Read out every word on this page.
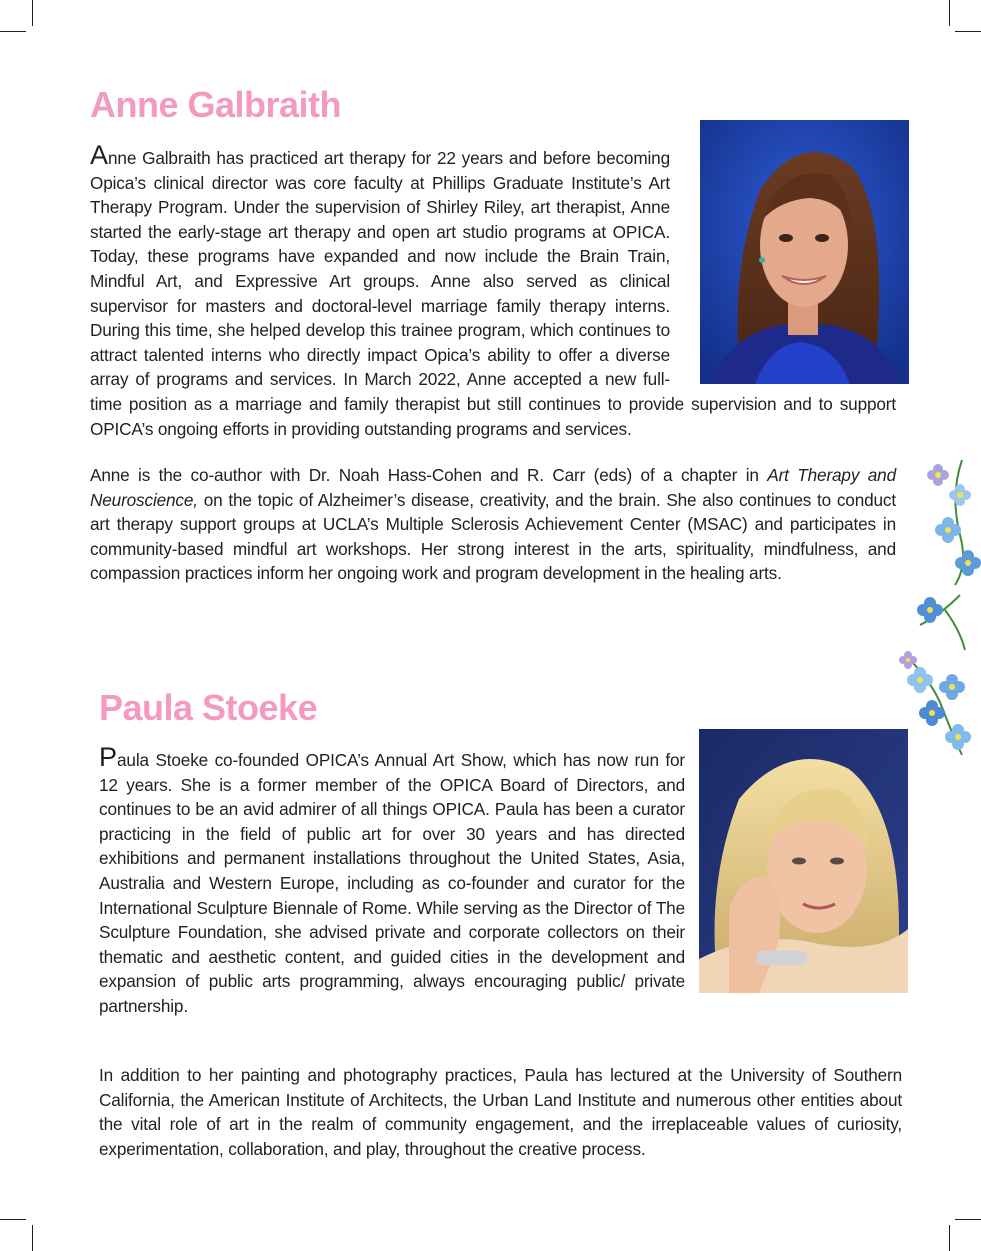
Anne Galbraith
Anne Galbraith has practiced art therapy for 22 years and before becoming Opica’s clinical director was core faculty at Phillips Graduate Institute’s Art Therapy Program. Under the supervision of Shirley Riley, art therapist, Anne started the early-stage art therapy and open art studio programs at OPICA. Today, these programs have expanded and now include the Brain Train, Mindful Art, and Expressive Art groups. Anne also served as clinical supervisor for masters and doctoral-level marriage family therapy interns. During this time, she helped develop this trainee program, which continues to attract talented interns who directly impact Opica’s ability to offer a diverse array of programs and services. In March 2022, Anne accepted a new full-time position as a marriage and family therapist but still continues to provide supervision and to support OPICA’s ongoing efforts in providing outstanding programs and services.

Anne is the co-author with Dr. Noah Hass-Cohen and R. Carr (eds) of a chapter in Art Therapy and Neuroscience, on the topic of Alzheimer’s disease, creativity, and the brain. She also continues to conduct art therapy support groups at UCLA’s Multiple Sclerosis Achievement Center (MSAC) and participates in community-based mindful art workshops. Her strong interest in the arts, spirituality, mindfulness, and compassion practices inform her ongoing work and program development in the healing arts.

Paula Stoeke
Paula Stoeke co-founded OPICA’s Annual Art Show, which has now run for 12 years. She is a former member of the OPICA Board of Directors, and continues to be an avid admirer of all things OPICA. Paula has been a curator practicing in the field of public art for over 30 years and has directed exhibitions and permanent installations throughout the United States, Asia, Australia and Western Europe, including as co-founder and curator for the International Sculpture Biennale of Rome. While serving as the Director of The Sculpture Foundation, she advised private and corporate collectors on their thematic and aesthetic content, and guided cities in the development and expansion of public arts programming, always encouraging public/ private partnership.

In addition to her painting and photography practices, Paula has lectured at the University of Southern California, the American Institute of Architects, the Urban Land Institute and numerous other entities about the vital role of art in the realm of community engagement, and the irreplaceable values of curiosity, experimentation, collaboration, and play, throughout the creative process.
